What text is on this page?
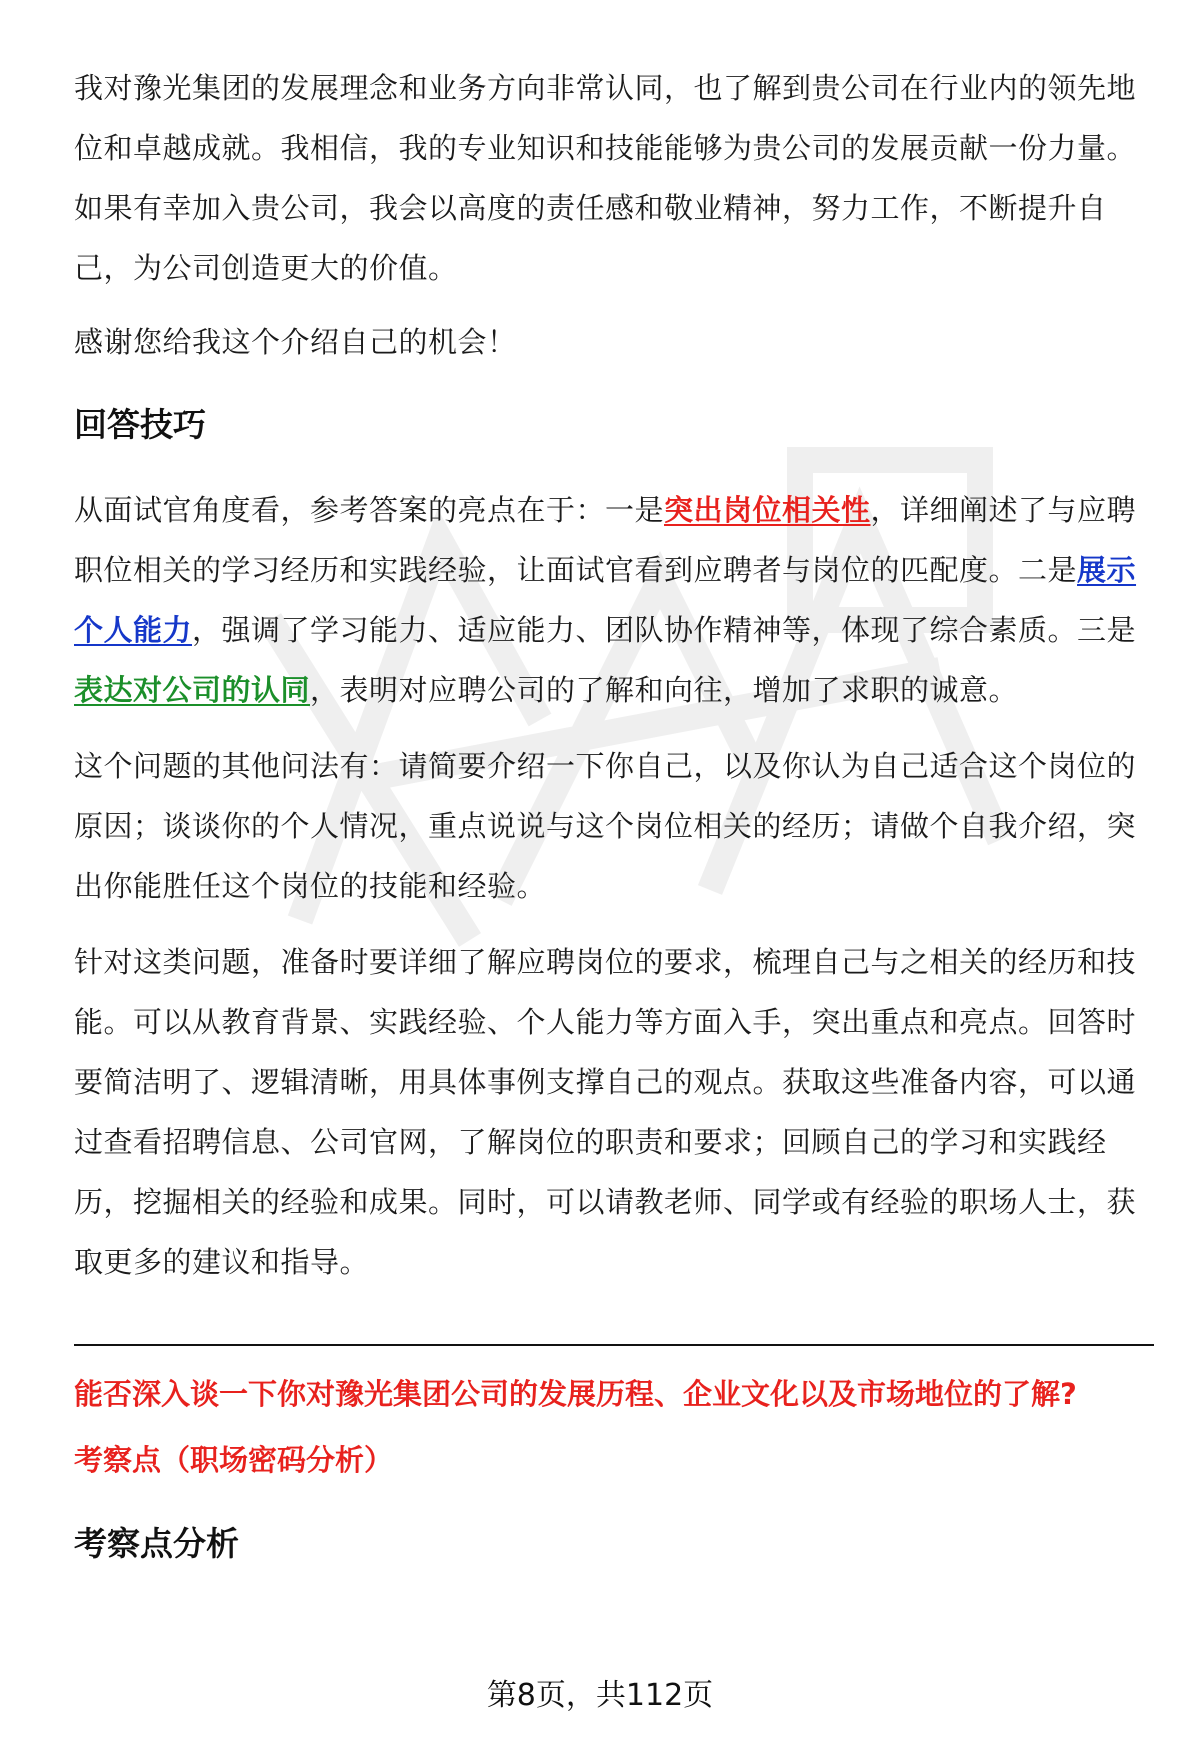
我对豫光集团的发展理念和业务方向非常认同，也了解到贵公司在行业内的领先地位和卓越成就。我相信，我的专业知识和技能能够为贵公司的发展贡献一份力量。如果有幸加入贵公司，我会以高度的责任感和敬业精神，努力工作，不断提升自己，为公司创造更大的价值。

感谢您给我这个介绍自己的机会！

回答技巧

从面试官角度看，参考答案的亮点在于：一是突出岗位相关性，详细阐述了与应聘职位相关的学习经历和实践经验，让面试官看到应聘者与岗位的匹配度。二是展示个人能力，强调了学习能力、适应能力、团队协作精神等，体现了综合素质。三是表达对公司的认同，表明对应聘公司的了解和向往，增加了求职的诚意。

这个问题的其他问法有：请简要介绍一下你自己，以及你认为自己适合这个岗位的原因；谈谈你的个人情况，重点说说与这个岗位相关的经历；请做个自我介绍，突出你能胜任这个岗位的技能和经验。

针对这类问题，准备时要详细了解应聘岗位的要求，梳理自己与之相关的经历和技能。可以从教育背景、实践经验、个人能力等方面入手，突出重点和亮点。回答时要简洁明了、逻辑清晰，用具体事例支撑自己的观点。获取这些准备内容，可以通过查看招聘信息、公司官网，了解岗位的职责和要求；回顾自己的学习和实践经历，挖掘相关的经验和成果。同时，可以请教老师、同学或有经验的职场人士，获取更多的建议和指导。

能否深入谈一下你对豫光集团公司的发展历程、企业文化以及市场地位的了解?
考察点（职场密码分析）
考察点分析
第8页，共112页
